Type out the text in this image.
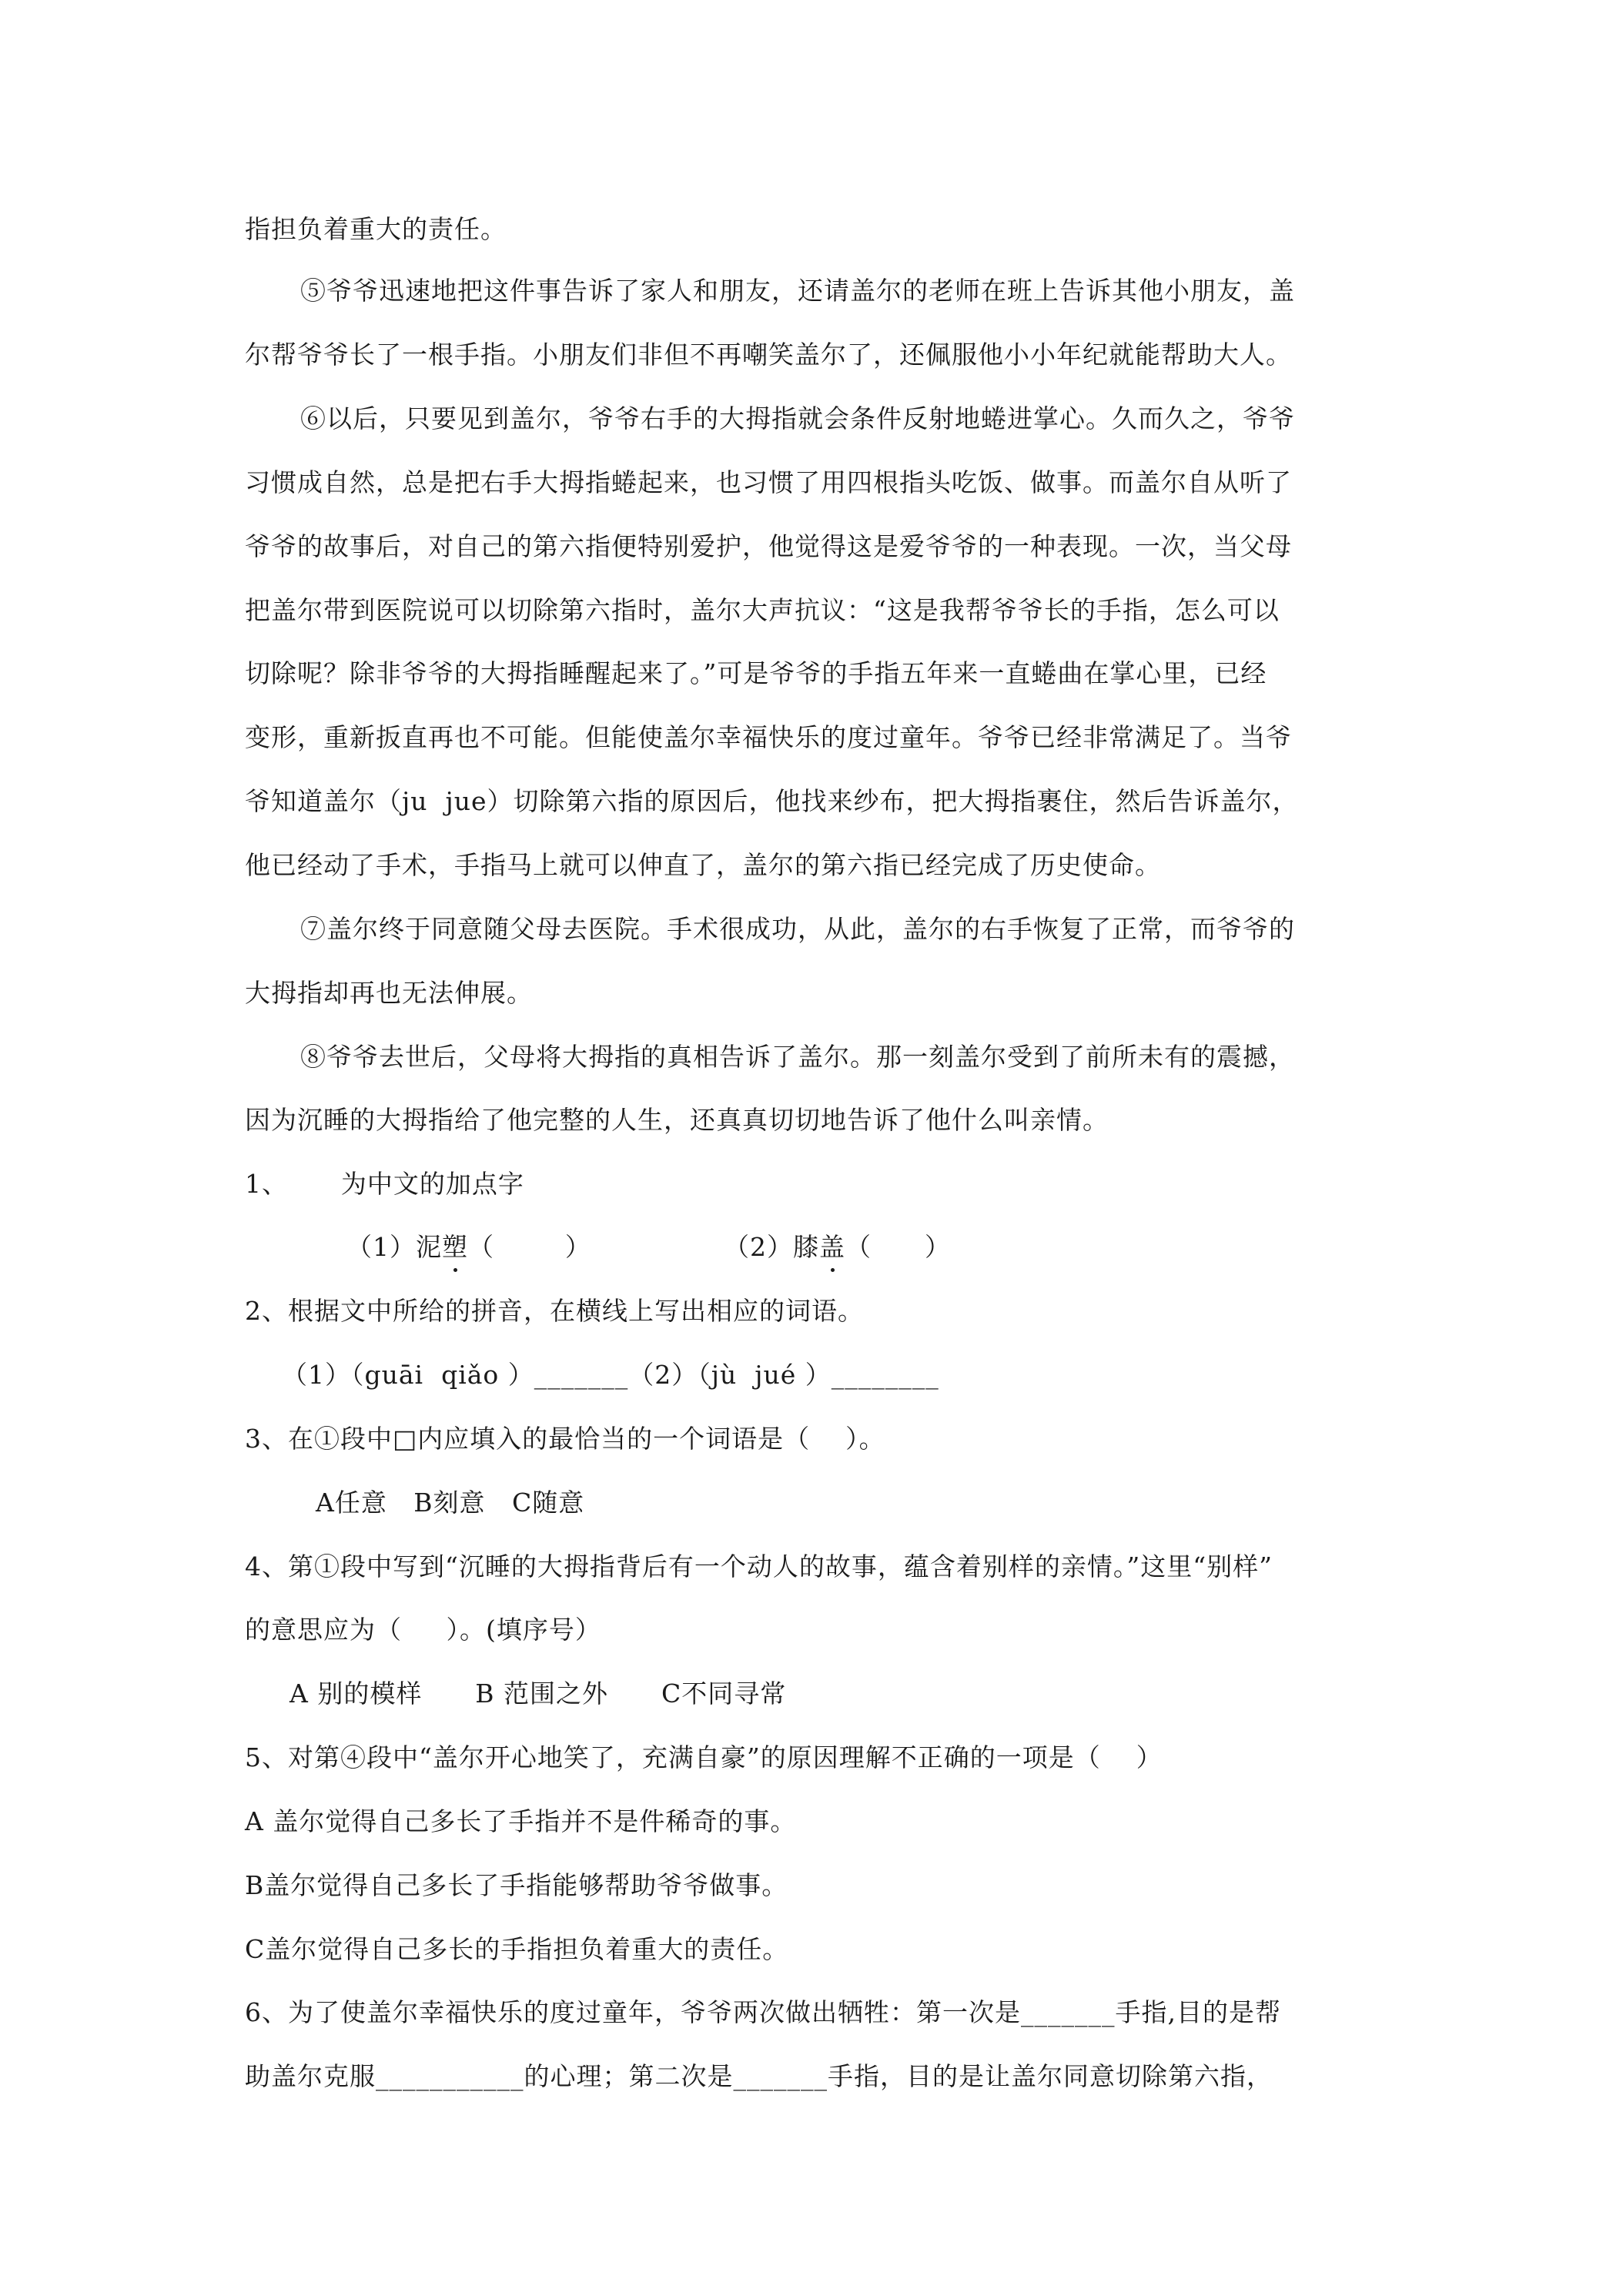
指担负着重大的责任。
⑤爷爷迅速地把这件事告诉了家人和朋友，还请盖尔的老师在班上告诉其他小朋友，盖
尔帮爷爷长了一根手指。小朋友们非但不再嘲笑盖尔了，还佩服他小小年纪就能帮助大人。
⑥以后，只要见到盖尔，爷爷右手的大拇指就会条件反射地蜷进掌心。久而久之，爷爷
习惯成自然，总是把右手大拇指蜷起来，也习惯了用四根指头吃饭、做事。而盖尔自从听了
爷爷的故事后，对自己的第六指便特别爱护，他觉得这是爱爷爷的一种表现。一次，当父母
把盖尔带到医院说可以切除第六指时，盖尔大声抗议：“这是我帮爷爷长的手指，怎么可以
切除呢？除非爷爷的大拇指睡醒起来了。”可是爷爷的手指五年来一直蜷曲在掌心里，已经
变形，重新扳直再也不可能。但能使盖尔幸福快乐的度过童年。爷爷已经非常满足了。当爷
爷知道盖尔（ju  jue）切除第六指的原因后，他找来纱布，把大拇指裹住，然后告诉盖尔，
他已经动了手术，手指马上就可以伸直了，盖尔的第六指已经完成了历史使命。
⑦盖尔终于同意随父母去医院。手术很成功，从此，盖尔的右手恢复了正常，而爷爷的
大拇指却再也无法伸展。
⑧爷爷去世后，父母将大拇指的真相告诉了盖尔。那一刻盖尔受到了前所未有的震撼，
因为沉睡的大拇指给了他完整的人生，还真真切切地告诉了他什么叫亲情。
1、      为中文的加点字
（1）泥塑（        ）	（2）膝盖（      ）
2、根据文中所给的拼音，在横线上写出相应的词语。
（1）（guāi  qiǎo ）_______（2）（jù  jué ）________
3、在①段中□内应填入的最恰当的一个词语是（    ）。
A任意   B刻意   C随意
4、第①段中写到“沉睡的大拇指背后有一个动人的故事，蕴含着别样的亲情。”这里“别样”
的意思应为（     ）。(填序号）
A 别的模样      B 范围之外      C不同寻常
5、对第④段中“盖尔开心地笑了，充满自豪”的原因理解不正确的一项是（    ）
A 盖尔觉得自己多长了手指并不是件稀奇的事。
B盖尔觉得自己多长了手指能够帮助爷爷做事。
C盖尔觉得自己多长的手指担负着重大的责任。
6、为了使盖尔幸福快乐的度过童年，爷爷两次做出牺牲：第一次是_______手指,目的是帮
助盖尔克服___________的心理；第二次是_______手指，目的是让盖尔同意切除第六指，
